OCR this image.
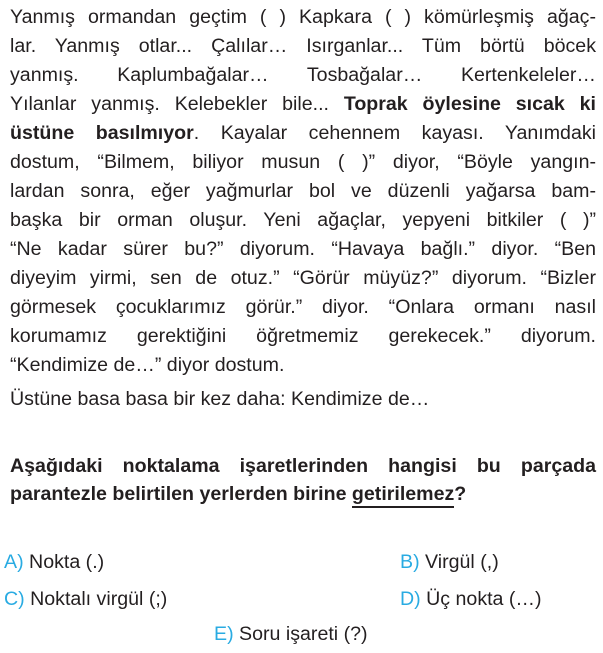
Yanmış ormandan geçtim ( ) Kapkara ( ) kömürleşmiş ağaç-
lar. Yanmış otlar... Çalılar… Isırganlar... Tüm börtü böcek
yanmış. Kaplumbağalar… Tosbağalar… Kertenkeleler…
Yılanlar yanmış. Kelebekler bile... Toprak öylesine sıcak ki
üstüne basılmıyor. Kayalar cehennem kayası. Yanımdaki
dostum, “Bilmem, biliyor musun ( )” diyor, “Böyle yangın-
lardan sonra, eğer yağmurlar bol ve düzenli yağarsa bam-
başka bir orman oluşur. Yeni ağaçlar, yepyeni bitkiler ( )”
“Ne kadar sürer bu?” diyorum. “Havaya bağlı.” diyor. “Ben
diyeyim yirmi, sen de otuz.” “Görür müyüz?” diyorum. “Bizler
görmesek çocuklarımız görür.” diyor. “Onlara ormanı nasıl
korumamız gerektiğini öğretmemiz gerekecek.” diyorum.
“Kendimize de…” diyor dostum.
Üstüne basa basa bir kez daha: Kendimize de…
Aşağıdaki noktalama işaretlerinden hangisi bu parçada
parantezle belirtilen yerlerden birine getirilemez
?
A) Nokta (.)	B) Virgül (,)
C) Noktalı virgül (;)	D) Üç nokta (…)
E) Soru işareti (?)
